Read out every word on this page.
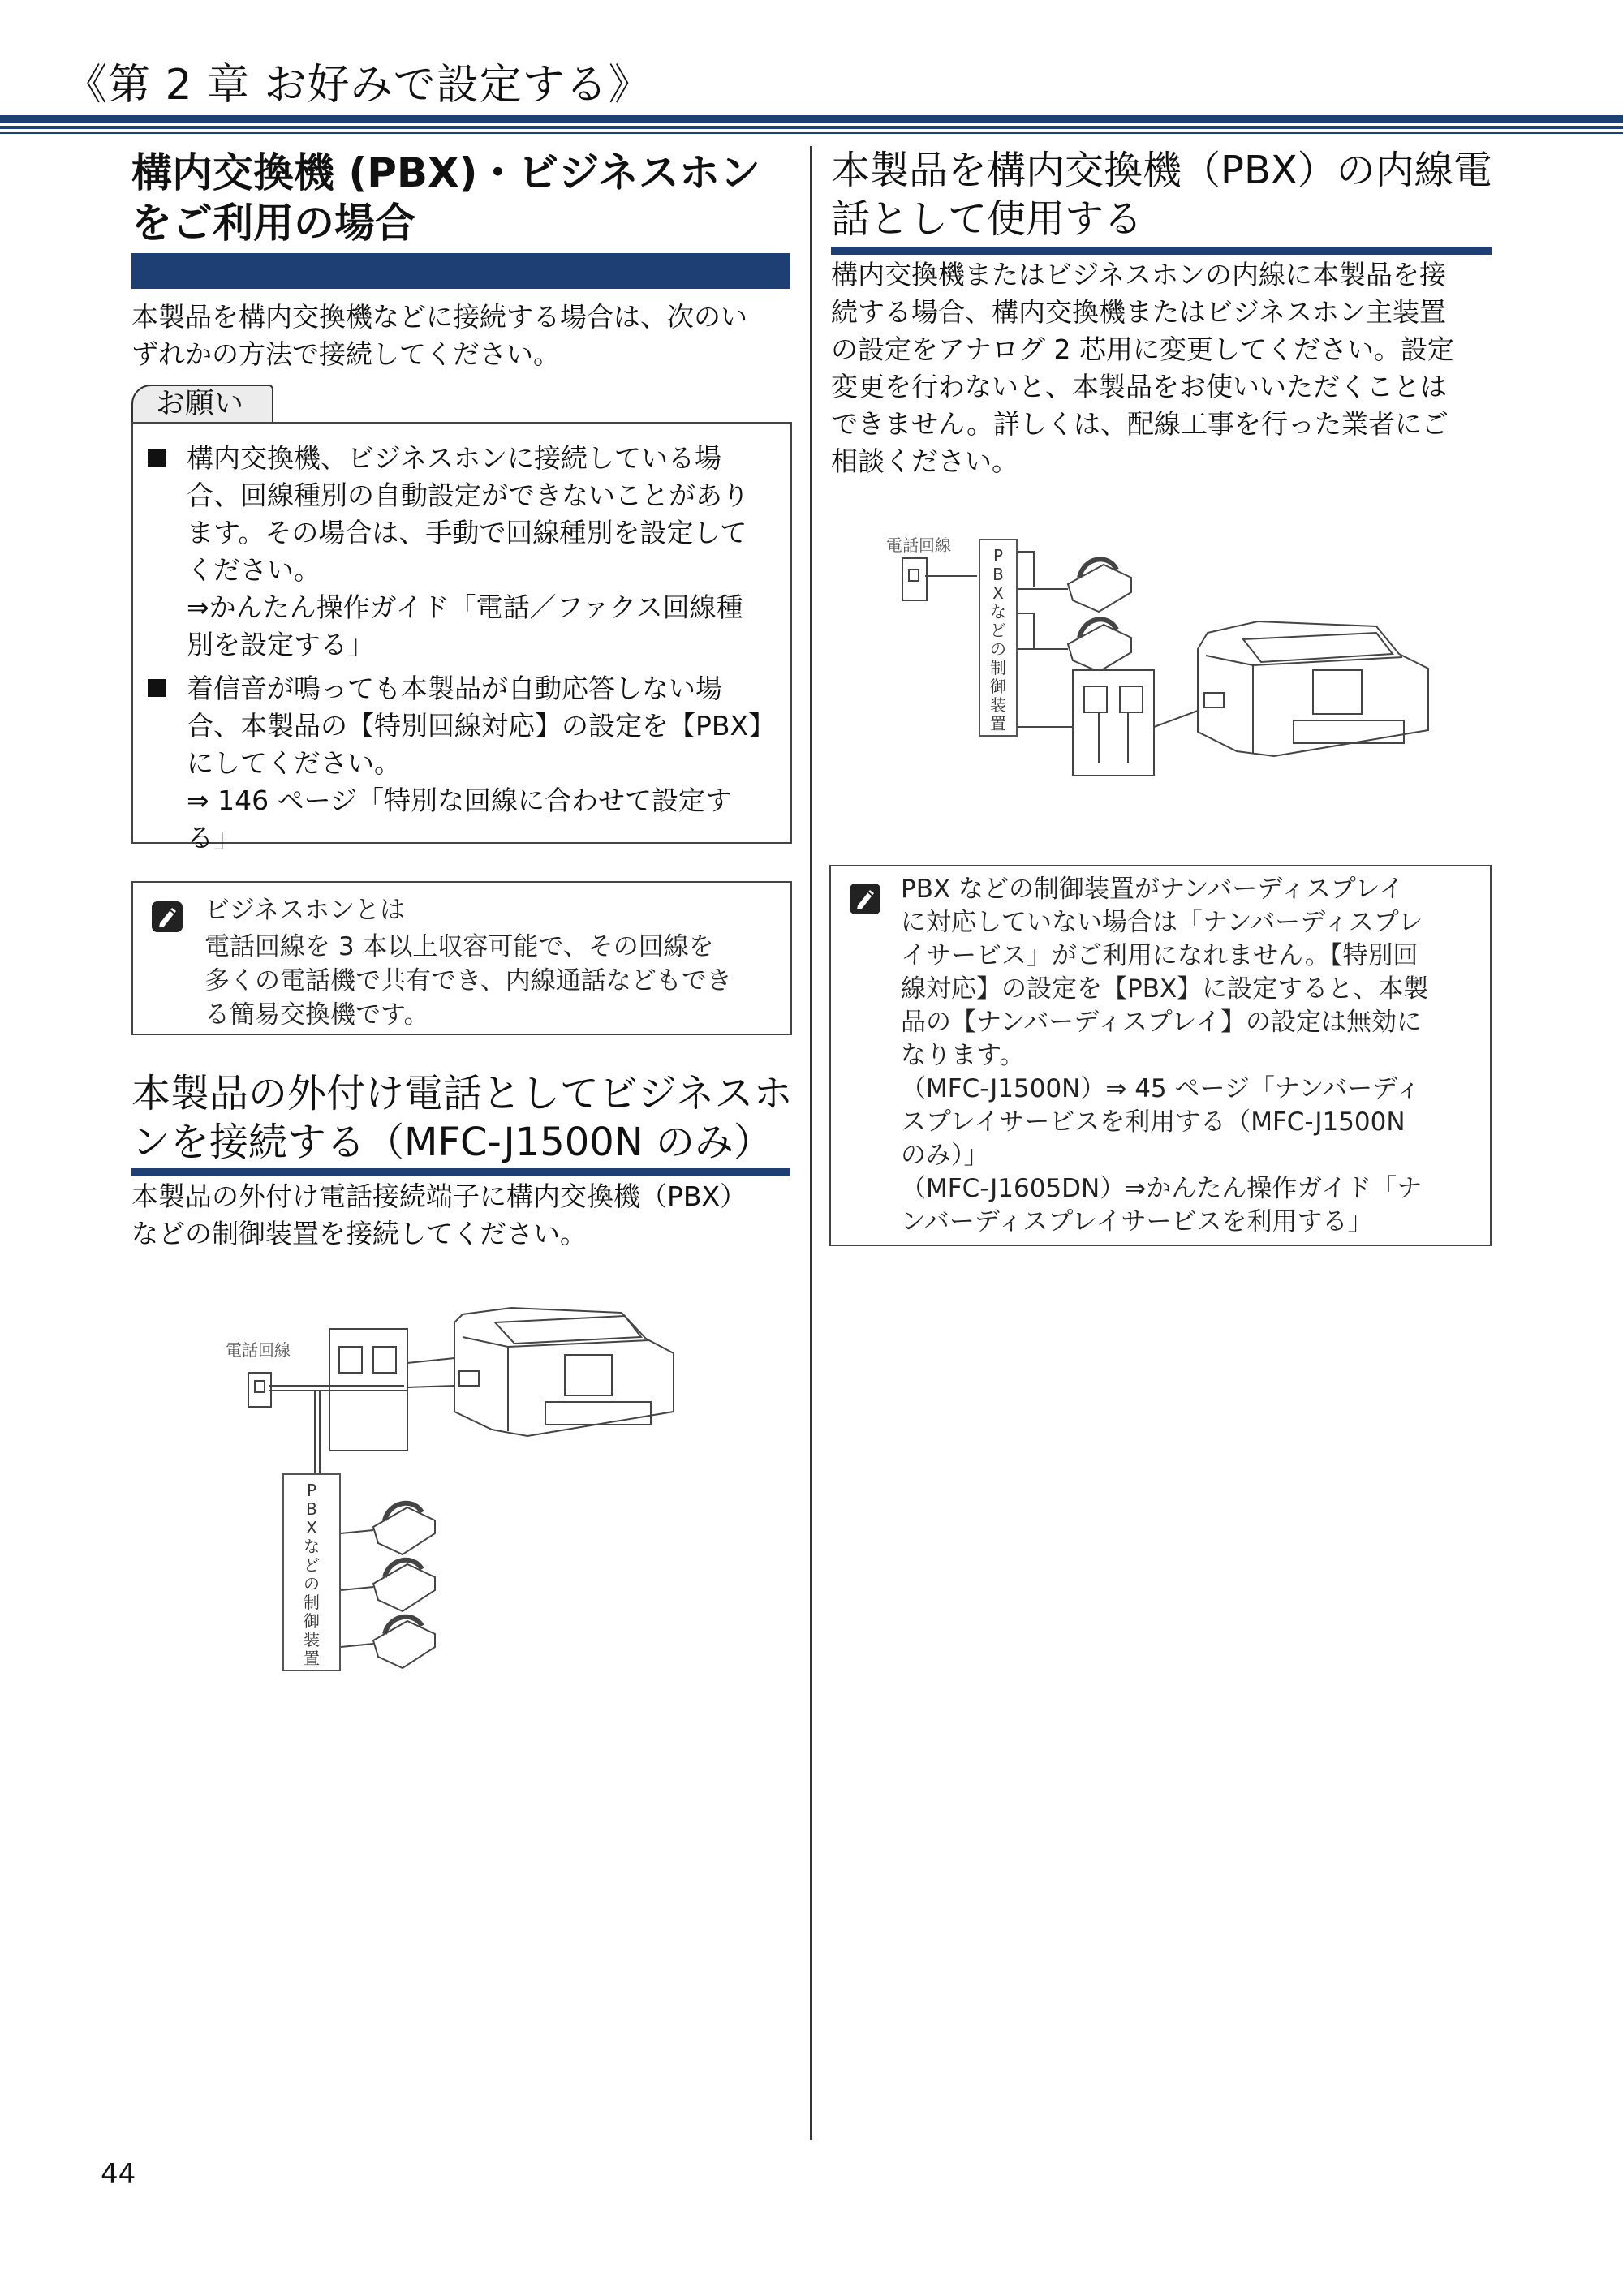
《第 2 章 お好みで設定する》
構内交換機 (PBX)・ビジネスホン
をご利用の場合
本製品を構内交換機などに接続する場合は、次のい
ずれかの方法で接続してください。
お願い
構内交換機、ビジネスホンに接続している場
合、回線種別の自動設定ができないことがあり
ます。その場合は、手動で回線種別を設定して
ください。
⇒かんたん操作ガイド「電話／ファクス回線種
別を設定する」
着信音が鳴っても本製品が自動応答しない場
合、本製品の【特別回線対応】の設定を【PBX】
にしてください。
⇒ 146 ページ「特別な回線に合わせて設定す
る」
ビジネスホンとは
電話回線を 3 本以上収容可能で、その回線を
多くの電話機で共有でき、内線通話などもでき
る簡易交換機です。
本製品の外付け電話としてビジネスホ
ンを接続する（MFC-J1500N のみ）
本製品の外付け電話接続端子に構内交換機（PBX）
などの制御装置を接続してください。
電話回線
P
B
X
な
ど
の
制
御
装
置
本製品を構内交換機（PBX）の内線電
話として使用する
構内交換機またはビジネスホンの内線に本製品を接
続する場合、構内交換機またはビジネスホン主装置
の設定をアナログ 2 芯用に変更してください。設定
変更を行わないと、本製品をお使いいただくことは
できません。詳しくは、配線工事を行った業者にご
相談ください。
電話回線
P
B
X
な
ど
の
制
御
装
置
PBX などの制御装置がナンバーディスプレイ
に対応していない場合は「ナンバーディスプレ
イサービス」がご利用になれません。【特別回
線対応】の設定を【PBX】に設定すると、本製
品の【ナンバーディスプレイ】の設定は無効に
なります。
（MFC-J1500N）⇒ 45 ページ「ナンバーディ
スプレイサービスを利用する（MFC-J1500N
のみ）」
（MFC-J1605DN）⇒かんたん操作ガイド「ナ
ンバーディスプレイサービスを利用する」
44
